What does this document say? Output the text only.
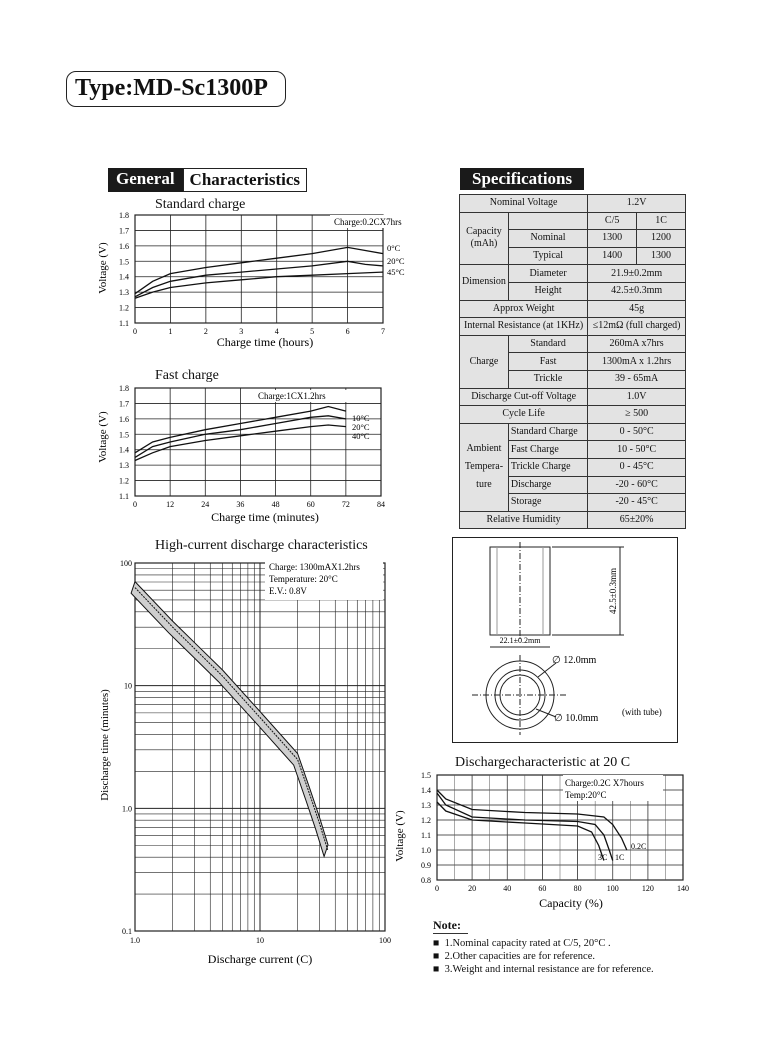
Type:MD-Sc1300P
General Characteristics	Specifications
Standard charge
1.8
1.7
1.6
1.5
1.4
1.3
1.2
1.1
0	1	2	3	4	5	6	7
Charge:0.2CX7hrs
0°C
20°C
45°C
Voltage (V)
Charge time (hours)
Fast charge
1.8
1.7
1.6
1.5
1.4
1.3
1.2
1.1
0	12	24	36	48	60	72	84
Charge:1CX1.2hrs
10°C
20°C
40°C
Voltage (V)
Charge time (minutes)
High-current discharge characteristics
100
10
1.0
0.1
1.0	10	100
Charge: 1300mAX1.2hrs
Temperature: 20°C
E.V.: 0.8V
Discharge time (minutes)
Discharge current (C)
Nominal Voltage		1.2V	
Capacity (mAh)		C/5	1C
	Nominal	1300	1200
	Typical	1400	1300
Dimension	Diameter	21.9±0.2mm	
	Height	42.5±0.3mm	
Approx Weight		45g	
Internal Resistance (at 1KHz)		≤12mΩ (full charged)	
Charge	Standard	260mA x7hrs	
	Fast	1300mA x 1.2hrs	
	Trickle	39 - 65mA	
Discharge Cut-off Voltage		1.0V	
Cycle Life		≥ 500	
Ambient Tempera- ture	Standard Charge	0 - 50°C	
	Fast Charge	10 - 50°C	
	Trickle Charge	0 - 45°C	
	Discharge	-20 - 60°C	
	Storage	-20 - 45°C	
Relative Humidity		65±20%	
42.5±0.3mm
22.1±0.2mm
∅ 12.0mm
∅ 10.0mm
(with tube)
Dischargecharacteristic at 20 C
1.5
1.4
1.3
1.2
1.1
1.0
0.9
0.8
0	20	40	60	80	100	120	140
Charge:0.2C X7hours
Temp:20°C
0.2C
3C 1C
Voltage (V)
Capacity (%)
Note:
■  1.Nominal capacity rated at C/5, 20°C .
■  2.Other capacities are for reference.
■  3.Weight and internal resistance are for reference.
